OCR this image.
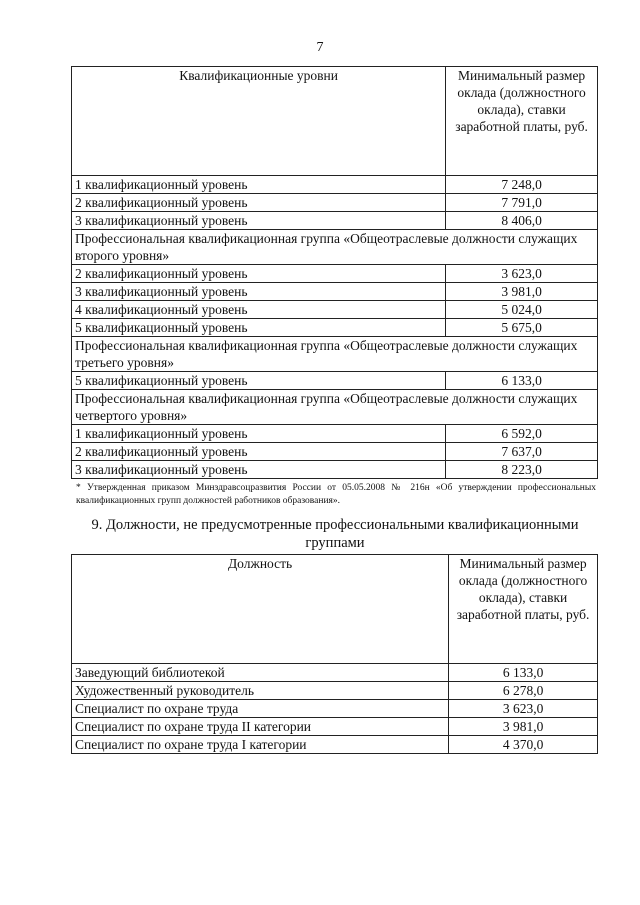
7
Квалификационные уровни	Минимальный размер оклада (должностного оклада), ставки заработной платы, руб.
1 квалификационный уровень	7 248,0
2 квалификационный уровень	7 791,0
3 квалификационный уровень	8 406,0
Профессиональная квалификационная группа «Общеотраслевые должности служащих второго уровня»	
2 квалификационный уровень	3 623,0
3 квалификационный уровень	3 981,0
4 квалификационный уровень	5 024,0
5 квалификационный уровень	5 675,0
Профессиональная квалификационная группа «Общеотраслевые должности служащих третьего уровня»	
5 квалификационный уровень	6 133,0
Профессиональная квалификационная группа «Общеотраслевые должности служащих четвертого уровня»	
1 квалификационный уровень	6 592,0
2 квалификационный уровень	7 637,0
3 квалификационный уровень	8 223,0
* Утвержденная приказом Минздравсоцразвития России от 05.05.2008 № 216н «Об утверждении профессиональных квалификационных групп должностей работников образования».
9. Должности, не предусмотренные профессиональными квалификационными группами
Должность	Минимальный размер оклада (должностного оклада), ставки заработной платы, руб.
Заведующий библиотекой	6 133,0
Художественный руководитель	6 278,0
Специалист по охране труда	3 623,0
Специалист по охране труда II категории	3 981,0
Специалист по охране труда I категории	4 370,0
